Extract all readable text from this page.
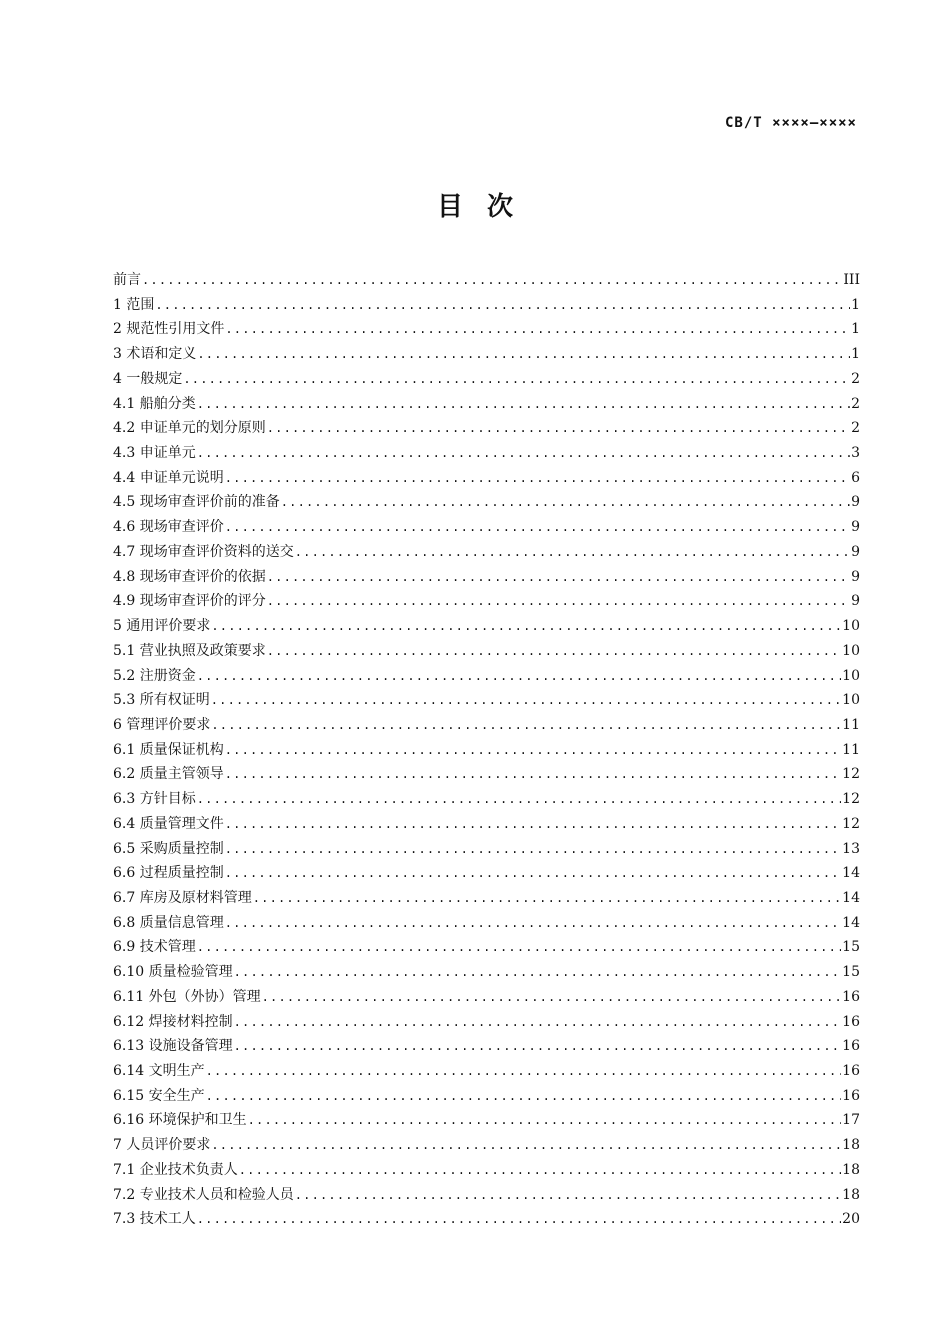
CB/T ××××—××××
目次
前言 .....	III
1 范围 .....	1
2 规范性引用文件 .....	1
3 术语和定义 .....	1
4 一般规定 .....	2
4.1 船舶分类 .....	2
4.2 申证单元的划分原则 .....	2
4.3 申证单元 .....	3
4.4 申证单元说明 .....	6
4.5 现场审查评价前的准备 .....	9
4.6 现场审查评价 .....	9
4.7 现场审查评价资料的送交 .....	9
4.8 现场审查评价的依据 .....	9
4.9 现场审查评价的评分 .....	9
5 通用评价要求 .....	10
5.1 营业执照及政策要求 .....	10
5.2 注册资金 .....	10
5.3 所有权证明 .....	10
6 管理评价要求 .....	11
6.1 质量保证机构 .....	11
6.2 质量主管领导 .....	12
6.3 方针目标 .....	12
6.4 质量管理文件 .....	12
6.5 采购质量控制 .....	13
6.6 过程质量控制 .....	14
6.7 库房及原材料管理 .....	14
6.8 质量信息管理 .....	14
6.9 技术管理 .....	15
6.10 质量检验管理 .....	15
6.11 外包（外协）管理 .....	16
6.12 焊接材料控制 .....	16
6.13 设施设备管理 .....	16
6.14 文明生产 .....	16
6.15 安全生产 .....	16
6.16 环境保护和卫生 .....	17
7 人员评价要求 .....	18
7.1 企业技术负责人 .....	18
7.2 专业技术人员和检验人员 .....	18
7.3 技术工人 .....	20
